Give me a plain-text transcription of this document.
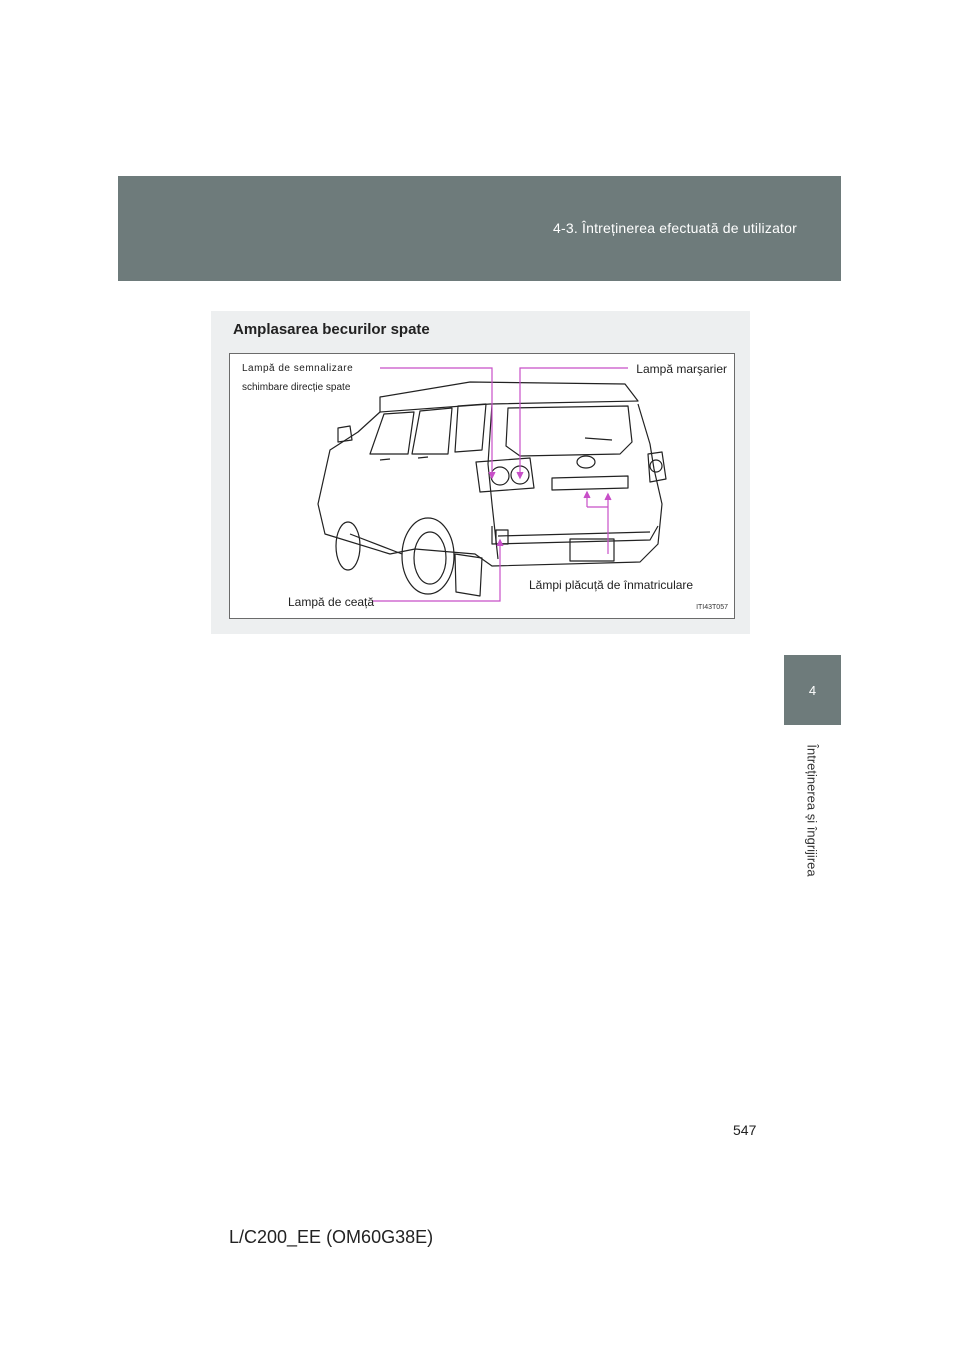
4-3. Întreținerea efectuată de utilizator
4
Întreținerea și îngrijirea
Amplasarea becurilor spate
Lampă de semnalizare
schimbare direcție spate
Lampă marşarier
Lămpi plăcuță de înmatriculare
Lampă de ceață	ITI43T057
547
L/C200_EE (OM60G38E)
